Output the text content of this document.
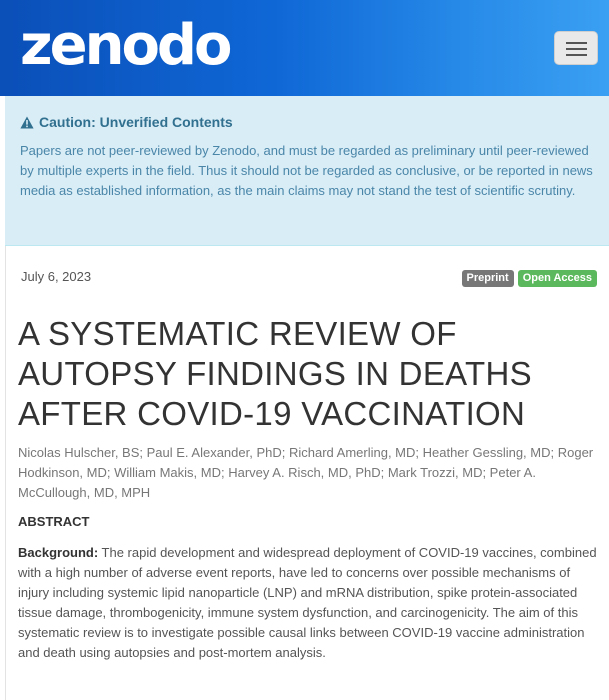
zenodo
Caution: Unverified Contents
Papers are not peer-reviewed by Zenodo, and must be regarded as preliminary until peer-reviewed by multiple experts in the field. Thus it should not be regarded as conclusive, or be reported in news media as established information, as the main claims may not stand the test of scientific scrutiny.
July 6, 2023	Preprint	Open Access
A SYSTEMATIC REVIEW OF AUTOPSY FINDINGS IN DEATHS AFTER COVID-19 VACCINATION
Nicolas Hulscher, BS; Paul E. Alexander, PhD; Richard Amerling, MD; Heather Gessling, MD; Roger Hodkinson, MD; William Makis, MD; Harvey A. Risch, MD, PhD; Mark Trozzi, MD; Peter A. McCullough, MD, MPH
ABSTRACT
Background: The rapid development and widespread deployment of COVID-19 vaccines, combined with a high number of adverse event reports, have led to concerns over possible mechanisms of injury including systemic lipid nanoparticle (LNP) and mRNA distribution, spike protein-associated tissue damage, thrombogenicity, immune system dysfunction, and carcinogenicity. The aim of this systematic review is to investigate possible causal links between COVID-19 vaccine administration and death using autopsies and post-mortem analysis.
